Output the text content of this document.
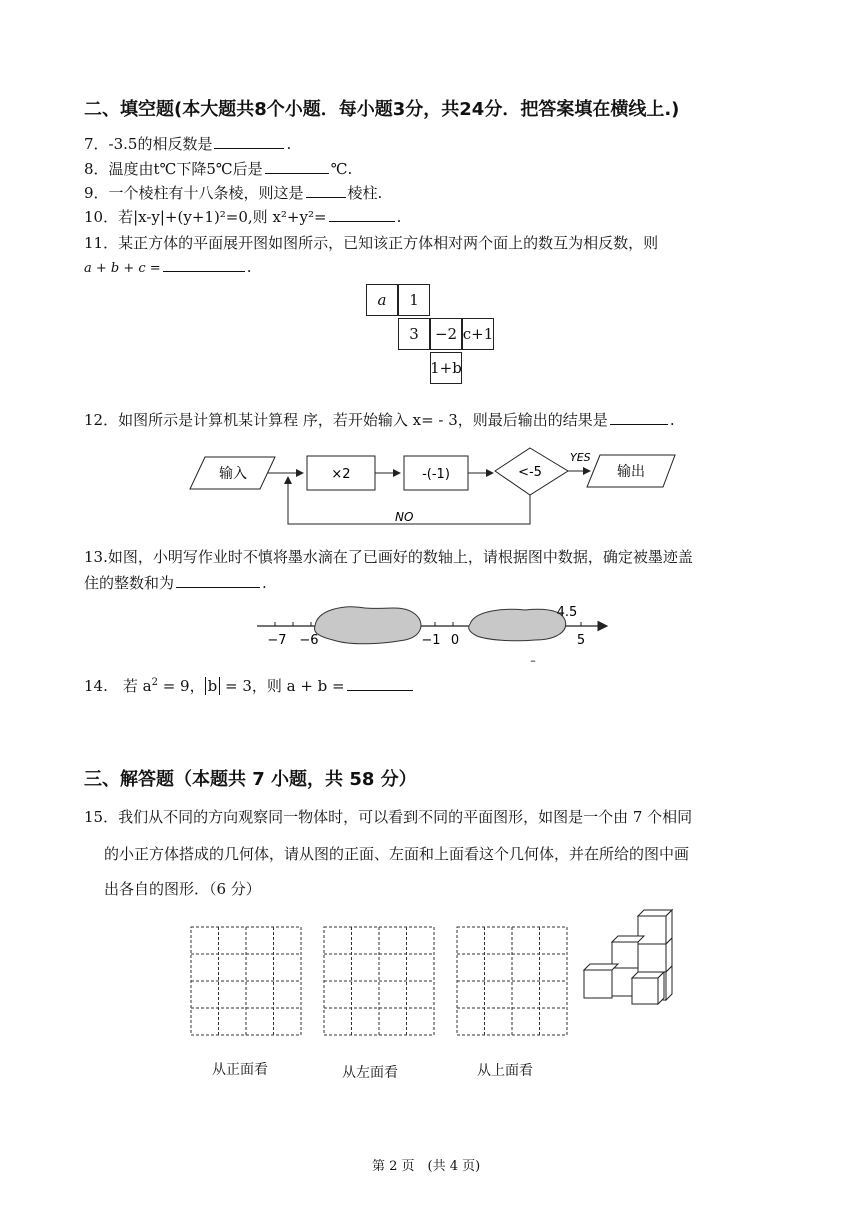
二、填空题(本大题共8个小题．每小题3分，共24分．把答案填在横线上.)
7．-3.5的相反数是	.
8．温度由t℃下降5℃后是	℃.
9．一个棱柱有十八条棱，则这是	棱柱.
10．若|x-y|+(y+1)²=0,则 x²+y²=	.
11．某正方体的平面展开图如图所示，已知该正方体相对两个面上的数互为相反数，则
a + b + c =	.
a	1
3	−2 c+1
1+b
12．如图所示是计算机某计算程 序，若开始输入 x= - 3，则最后输出的结果是	.
输入	×2	-(-1)	<-5
YES
输出
NO
13.如图，小明写作业时不慎将墨水滴在了已画好的数轴上，请根据图中数据，确定被墨迹盖
住的整数和为	.
−7 −6	−1 0
4.5
5
–
14.　若 $a^2 = 9$， b = 3，则 a + b =
三、解答题（本题共 7 小题，共 58 分）
15．我们从不同的方向观察同一物体时，可以看到不同的平面图形，如图是一个由 7 个相同
的小正方体搭成的几何体，请从图的正面、左面和上面看这个几何体，并在所给的图中画
出各自的图形．（6 分）
从正面看	从左面看	从上面看
第 2 页　(共 4 页)
